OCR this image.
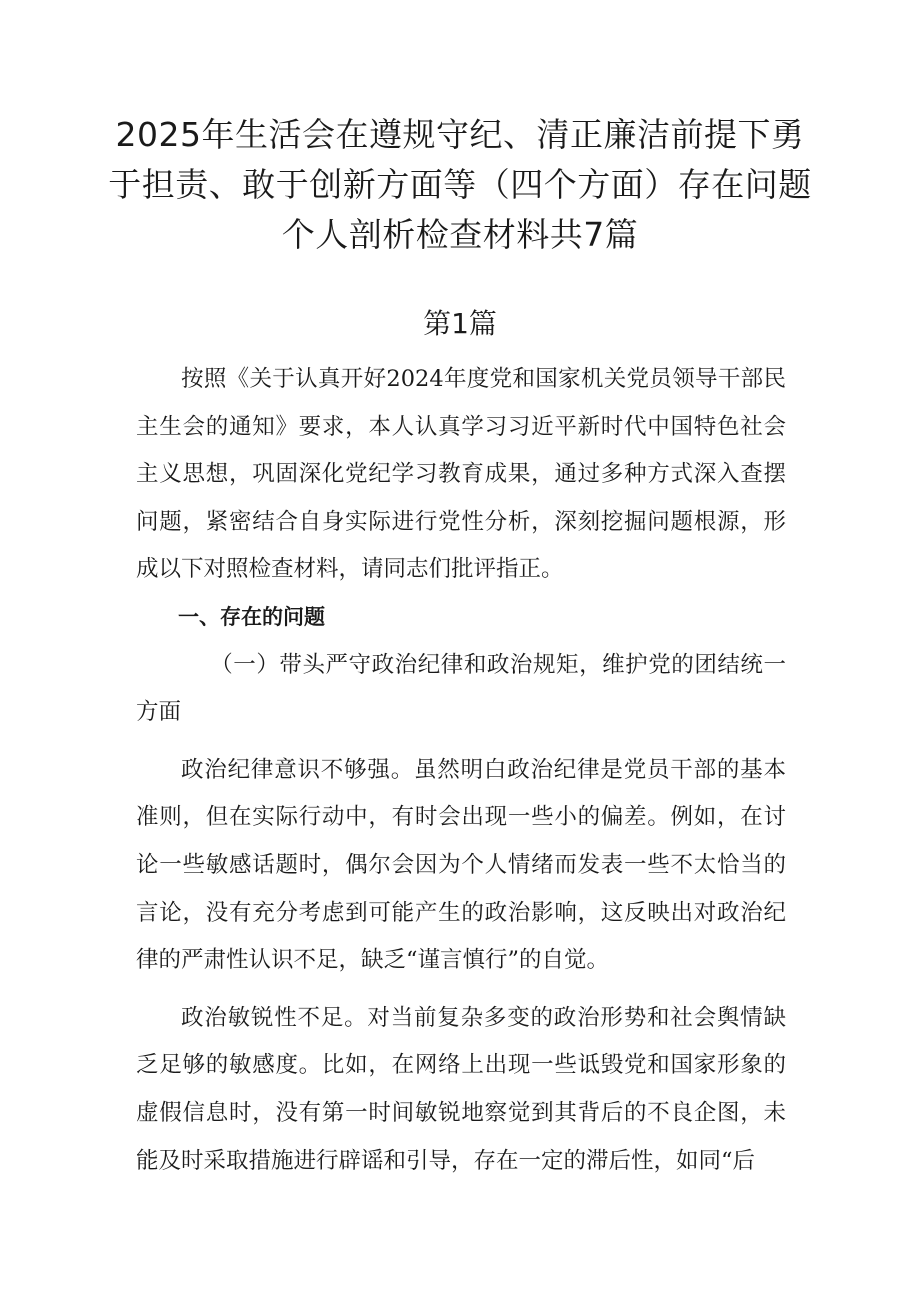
2025年生活会在遵规守纪、清正廉洁前提下勇于担责、敢于创新方面等（四个方面）存在问题个人剖析检查材料共7篇
第1篇

按照《关于认真开好2024年度党和国家机关党员领导干部民主生会的通知》要求，本人认真学习习近平新时代中国特色社会主义思想，巩固深化党纪学习教育成果，通过多种方式深入查摆问题，紧密结合自身实际进行党性分析，深刻挖掘问题根源，形成以下对照检查材料，请同志们批评指正。

一、存在的问题

（一）带头严守政治纪律和政治规矩，维护党的团结统一方面

政治纪律意识不够强。虽然明白政治纪律是党员干部的基本准则，但在实际行动中，有时会出现一些小的偏差。例如，在讨论一些敏感话题时，偶尔会因为个人情绪而发表一些不太恰当的言论，没有充分考虑到可能产生的政治影响，这反映出对政治纪律的严肃性认识不足，缺乏“谨言慎行”的自觉。

政治敏锐性不足。对当前复杂多变的政治形势和社会舆情缺乏足够的敏感度。比如，在网络上出现一些诋毁党和国家形象的虚假信息时，没有第一时间敏锐地察觉到其背后的不良企图，未能及时采取措施进行辟谣和引导，存在一定的滞后性，如同“后
